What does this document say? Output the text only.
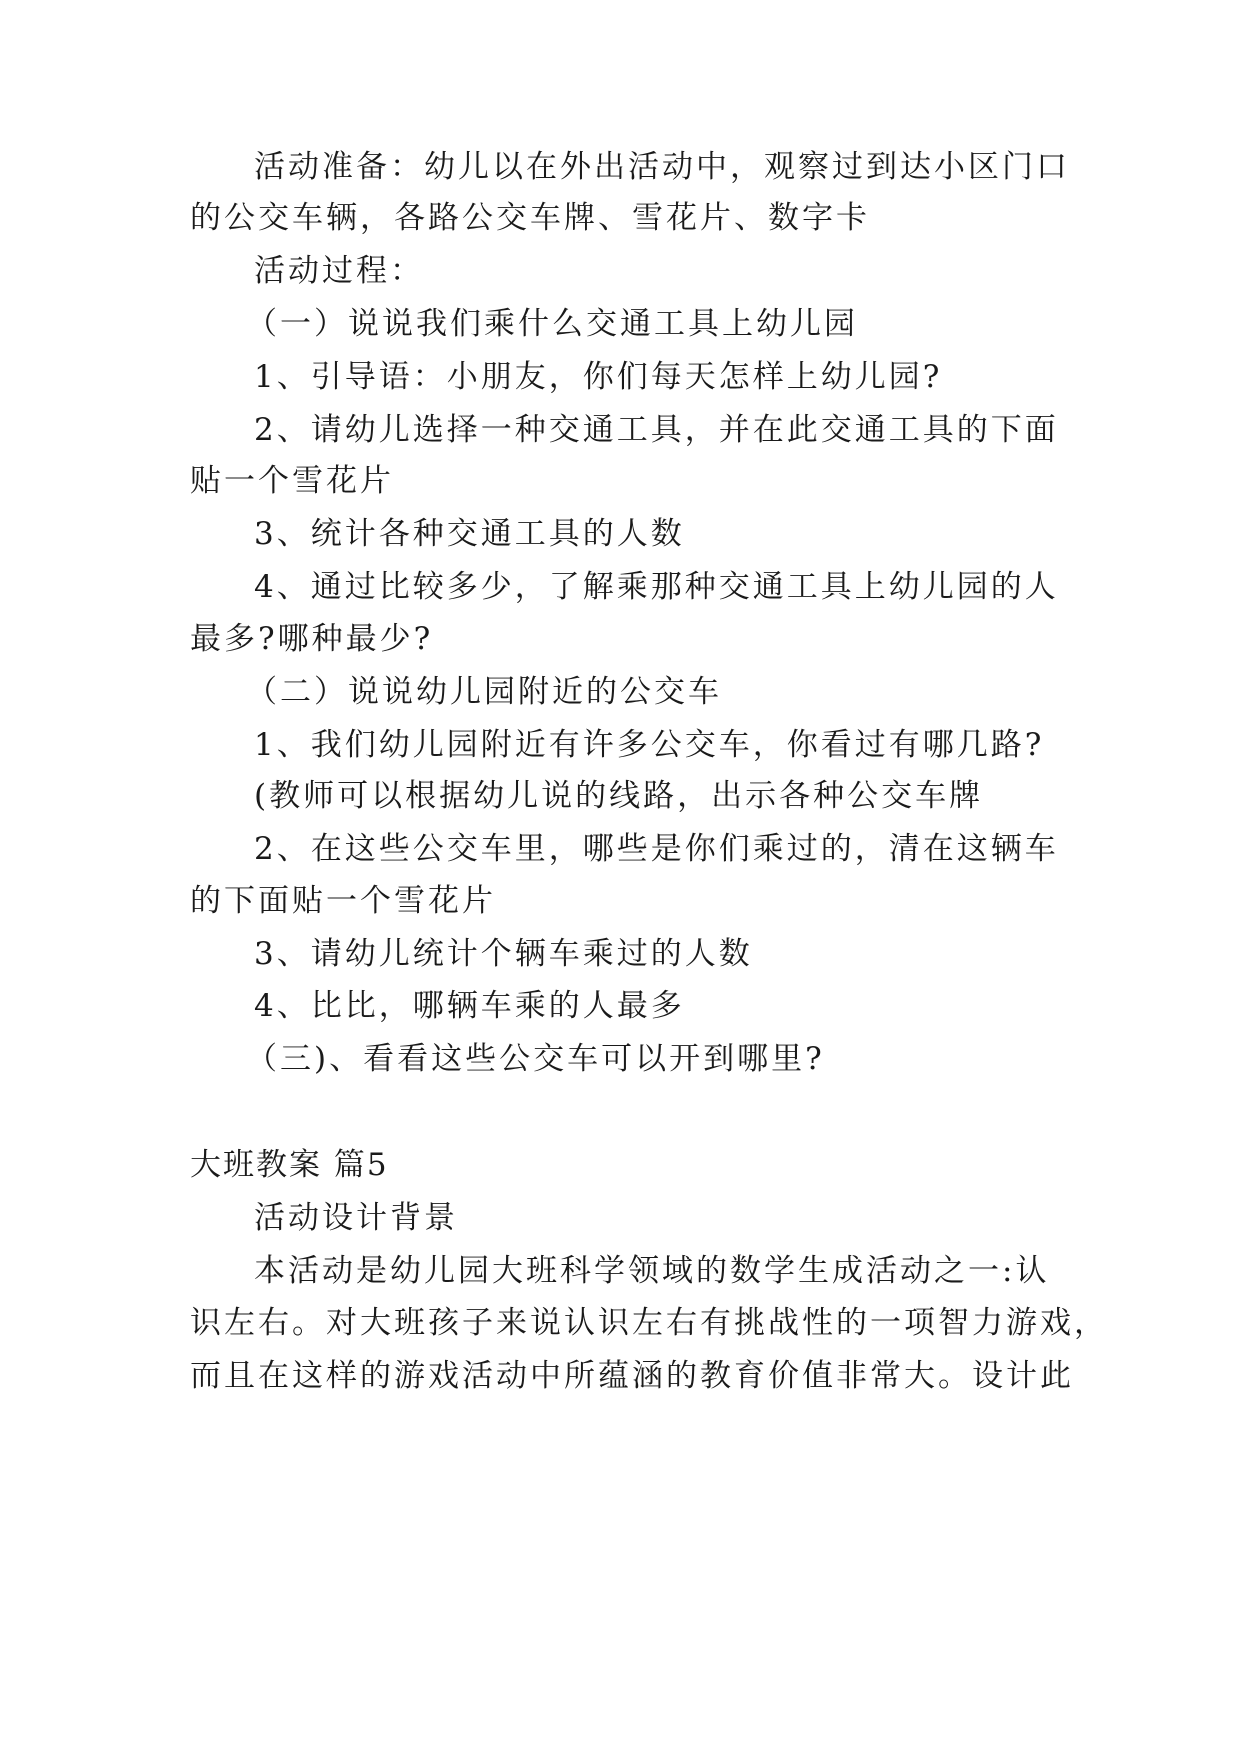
活动准备：幼儿以在外出活动中，观察过到达小区门口
的公交车辆，各路公交车牌、雪花片、数字卡
活动过程：
（一）说说我们乘什么交通工具上幼儿园
1、引导语：小朋友，你们每天怎样上幼儿园?
2、请幼儿选择一种交通工具，并在此交通工具的下面
贴一个雪花片
3、统计各种交通工具的人数
4、通过比较多少，了解乘那种交通工具上幼儿园的人
最多?哪种最少?
（二）说说幼儿园附近的公交车
1、我们幼儿园附近有许多公交车，你看过有哪几路?
(教师可以根据幼儿说的线路，出示各种公交车牌
2、在这些公交车里，哪些是你们乘过的，清在这辆车
的下面贴一个雪花片
3、请幼儿统计个辆车乘过的人数
4、比比，哪辆车乘的人最多
（三)、看看这些公交车可以开到哪里?
大班教案 篇5
活动设计背景
本活动是幼儿园大班科学领域的数学生成活动之一:认
识左右。对大班孩子来说认识左右有挑战性的一项智力游戏，
而且在这样的游戏活动中所蕴涵的教育价值非常大。设计此
